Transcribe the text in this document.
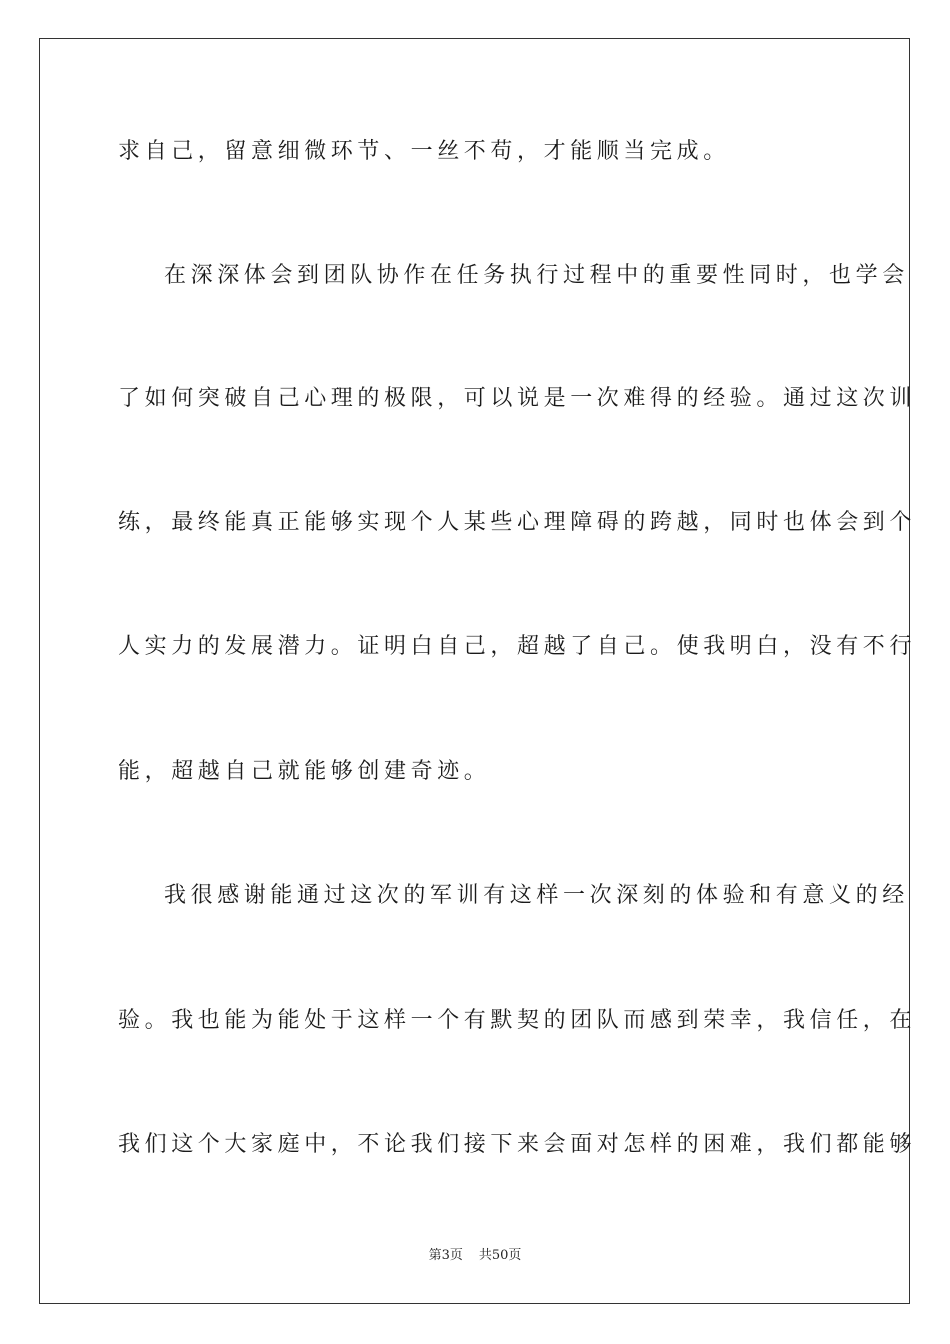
求自己，留意细微环节、一丝不苟，才能顺当完成。
在深深体会到团队协作在任务执行过程中的重要性同时，也学会
了如何突破自己心理的极限，可以说是一次难得的经验。通过这次训
练，最终能真正能够实现个人某些心理障碍的跨越，同时也体会到个
人实力的发展潜力。证明白自己，超越了自己。使我明白，没有不行
能，超越自己就能够创建奇迹。
我很感谢能通过这次的军训有这样一次深刻的体验和有意义的经
验。我也能为能处于这样一个有默契的团队而感到荣幸，我信任，在
我们这个大家庭中，不论我们接下来会面对怎样的困难，我们都能够
第3页 共50页
